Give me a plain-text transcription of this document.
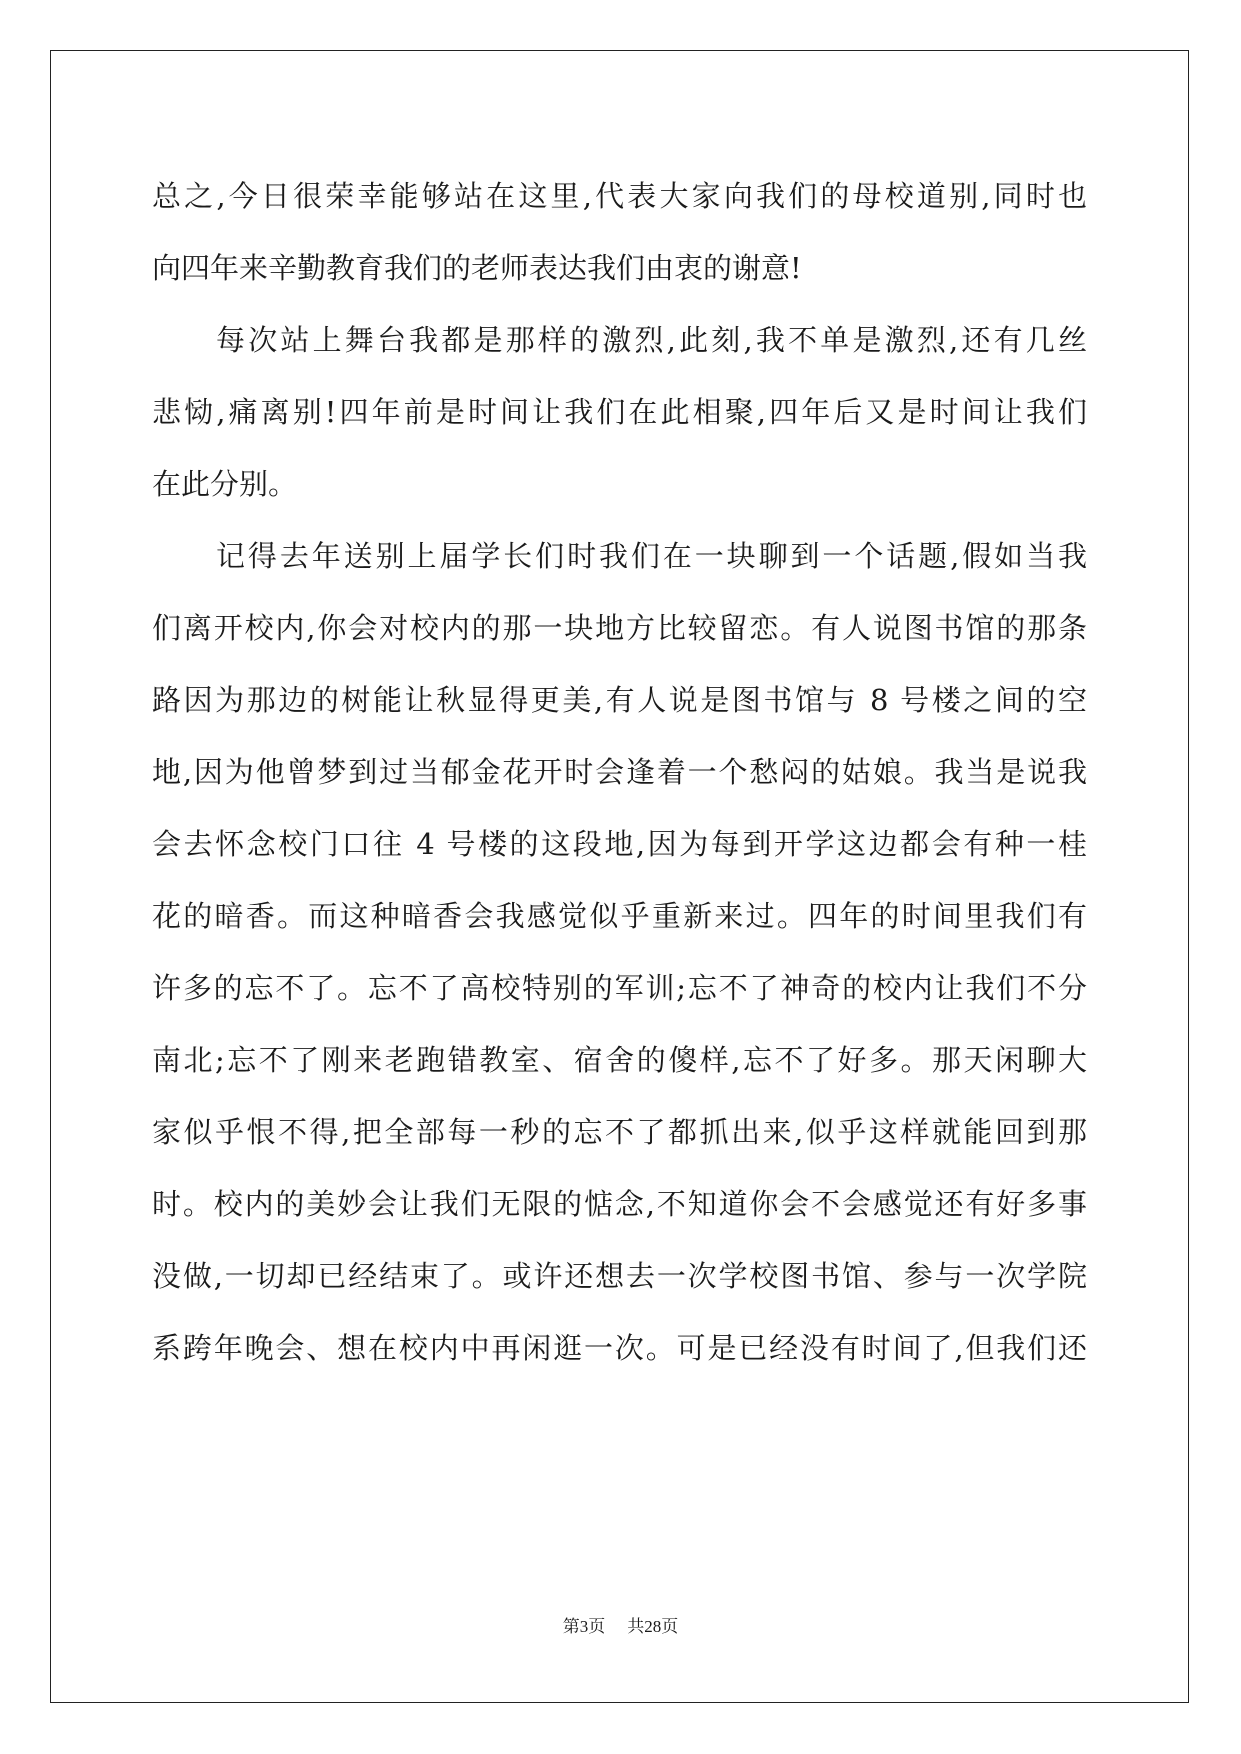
总之,今日很荣幸能够站在这里,代表大家向我们的母校道别,同时也
向四年来辛勤教育我们的老师表达我们由衷的谢意!
每次站上舞台我都是那样的激烈,此刻,我不单是激烈,还有几丝
悲恸,痛离别!四年前是时间让我们在此相聚,四年后又是时间让我们
在此分别。
记得去年送别上届学长们时我们在一块聊到一个话题,假如当我
们离开校内,你会对校内的那一块地方比较留恋。有人说图书馆的那条
路因为那边的树能让秋显得更美,有人说是图书馆与 8 号楼之间的空
地,因为他曾梦到过当郁金花开时会逢着一个愁闷的姑娘。我当是说我
会去怀念校门口往 4 号楼的这段地,因为每到开学这边都会有种一桂
花的暗香。而这种暗香会我感觉似乎重新来过。四年的时间里我们有
许多的忘不了。忘不了高校特别的军训;忘不了神奇的校内让我们不分
南北;忘不了刚来老跑错教室、宿舍的傻样,忘不了好多。那天闲聊大
家似乎恨不得,把全部每一秒的忘不了都抓出来,似乎这样就能回到那
时。校内的美妙会让我们无限的惦念,不知道你会不会感觉还有好多事
没做,一切却已经结束了。或许还想去一次学校图书馆、参与一次学院
系跨年晚会、想在校内中再闲逛一次。可是已经没有时间了,但我们还
第3页 共28页
